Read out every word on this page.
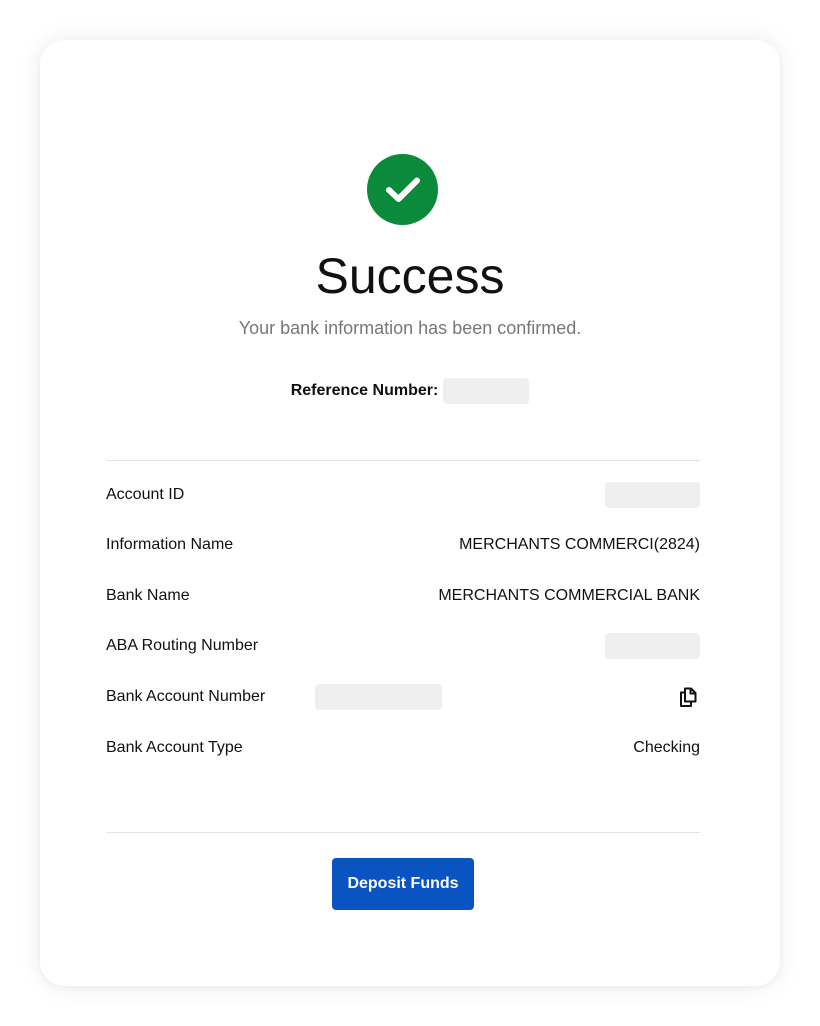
Success
Your bank information has been confirmed.
Reference Number:
Account ID
Information Name	MERCHANTS COMMERCI(2824)
Bank Name	MERCHANTS COMMERCIAL BANK
ABA Routing Number
Bank Account Number
Bank Account Type	Checking
Deposit Funds
